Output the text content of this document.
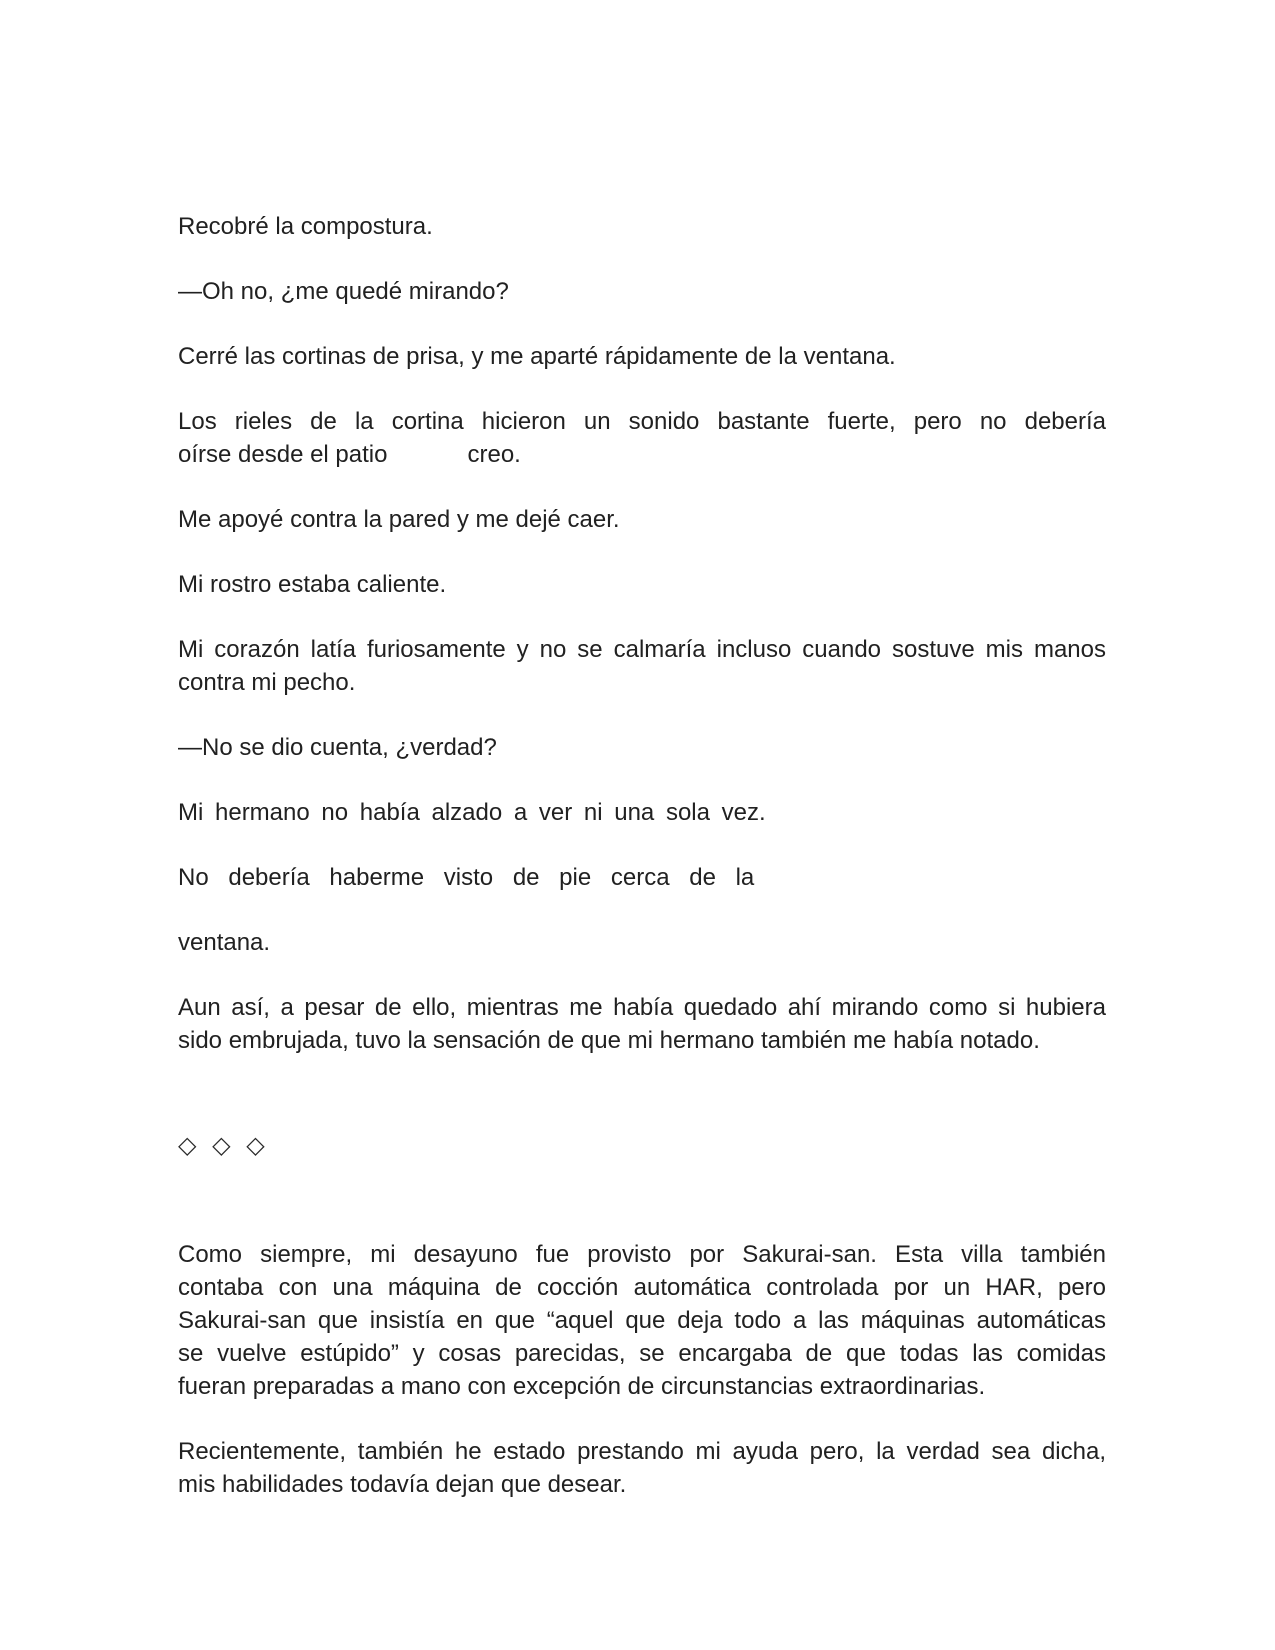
Recobré la compostura.

—Oh no, ¿me quedé mirando?

Cerré las cortinas de prisa, y me aparté rápidamente de la ventana.

Los rieles de la cortina hicieron un sonido bastante fuerte, pero no debería
oírse desde el patio            creo.

Me apoyé contra la pared y me dejé caer.

Mi rostro estaba caliente.

Mi corazón latía furiosamente y no se calmaría incluso cuando sostuve mis manos
contra mi pecho.

—No se dio cuenta, ¿verdad?

Mi hermano no había alzado a ver ni una sola vez.

No debería haberme visto de pie cerca de la

ventana.

Aun así, a pesar de ello, mientras me había quedado ahí mirando como si hubiera
sido embrujada, tuvo la sensación de que mi hermano también me había notado.

◇ ◇ ◇

Como siempre, mi desayuno fue provisto por Sakurai-san. Esta villa también
contaba con una máquina de cocción automática controlada por un HAR, pero
Sakurai-san que insistía en que “aquel que deja todo a las máquinas automáticas
se vuelve estúpido” y cosas parecidas, se encargaba de que todas las comidas
fueran preparadas a mano con excepción de circunstancias extraordinarias.

Recientemente, también he estado prestando mi ayuda pero, la verdad sea dicha,
mis habilidades todavía dejan que desear.
